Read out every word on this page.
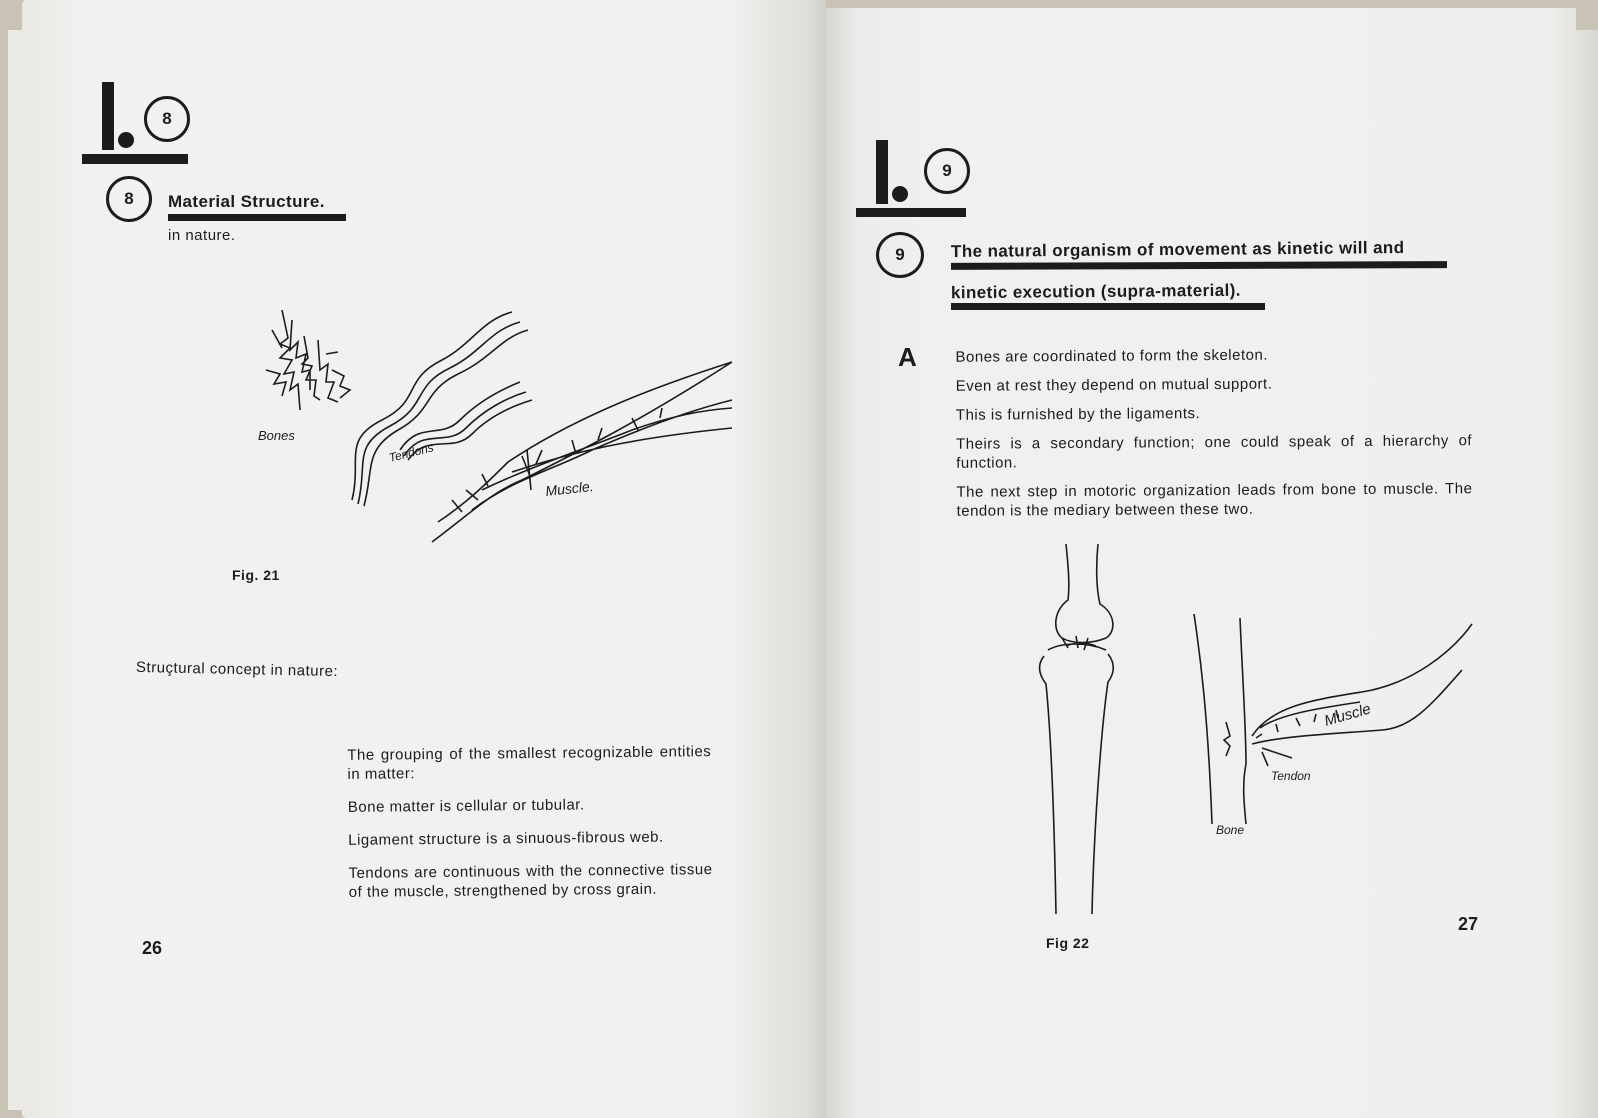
8
8	Material Structure.
in nature.
Bones
Tendons
Muscle.
Fig. 21
Struçtural concept in nature:
The grouping of the smallest recognizable entities in matter:
Bone matter is cellular or tubular.
Ligament structure is a sinuous-fibrous web.
Tendons are continuous with the connective tissue of the muscle, strengthened by cross grain.
26
9
9	The natural organism of movement as kinetic will and
kinetic execution (supra-material).
A	Bones are coordinated to form the skeleton.
Even at rest they depend on mutual support.
This is furnished by the ligaments.
Theirs is a secondary function; one could speak of a hierarchy of function.
The next step in motoric organization leads from bone to muscle. The tendon is the mediary between these two.
Muscle
Tendon
Bone
Fig 22
27
